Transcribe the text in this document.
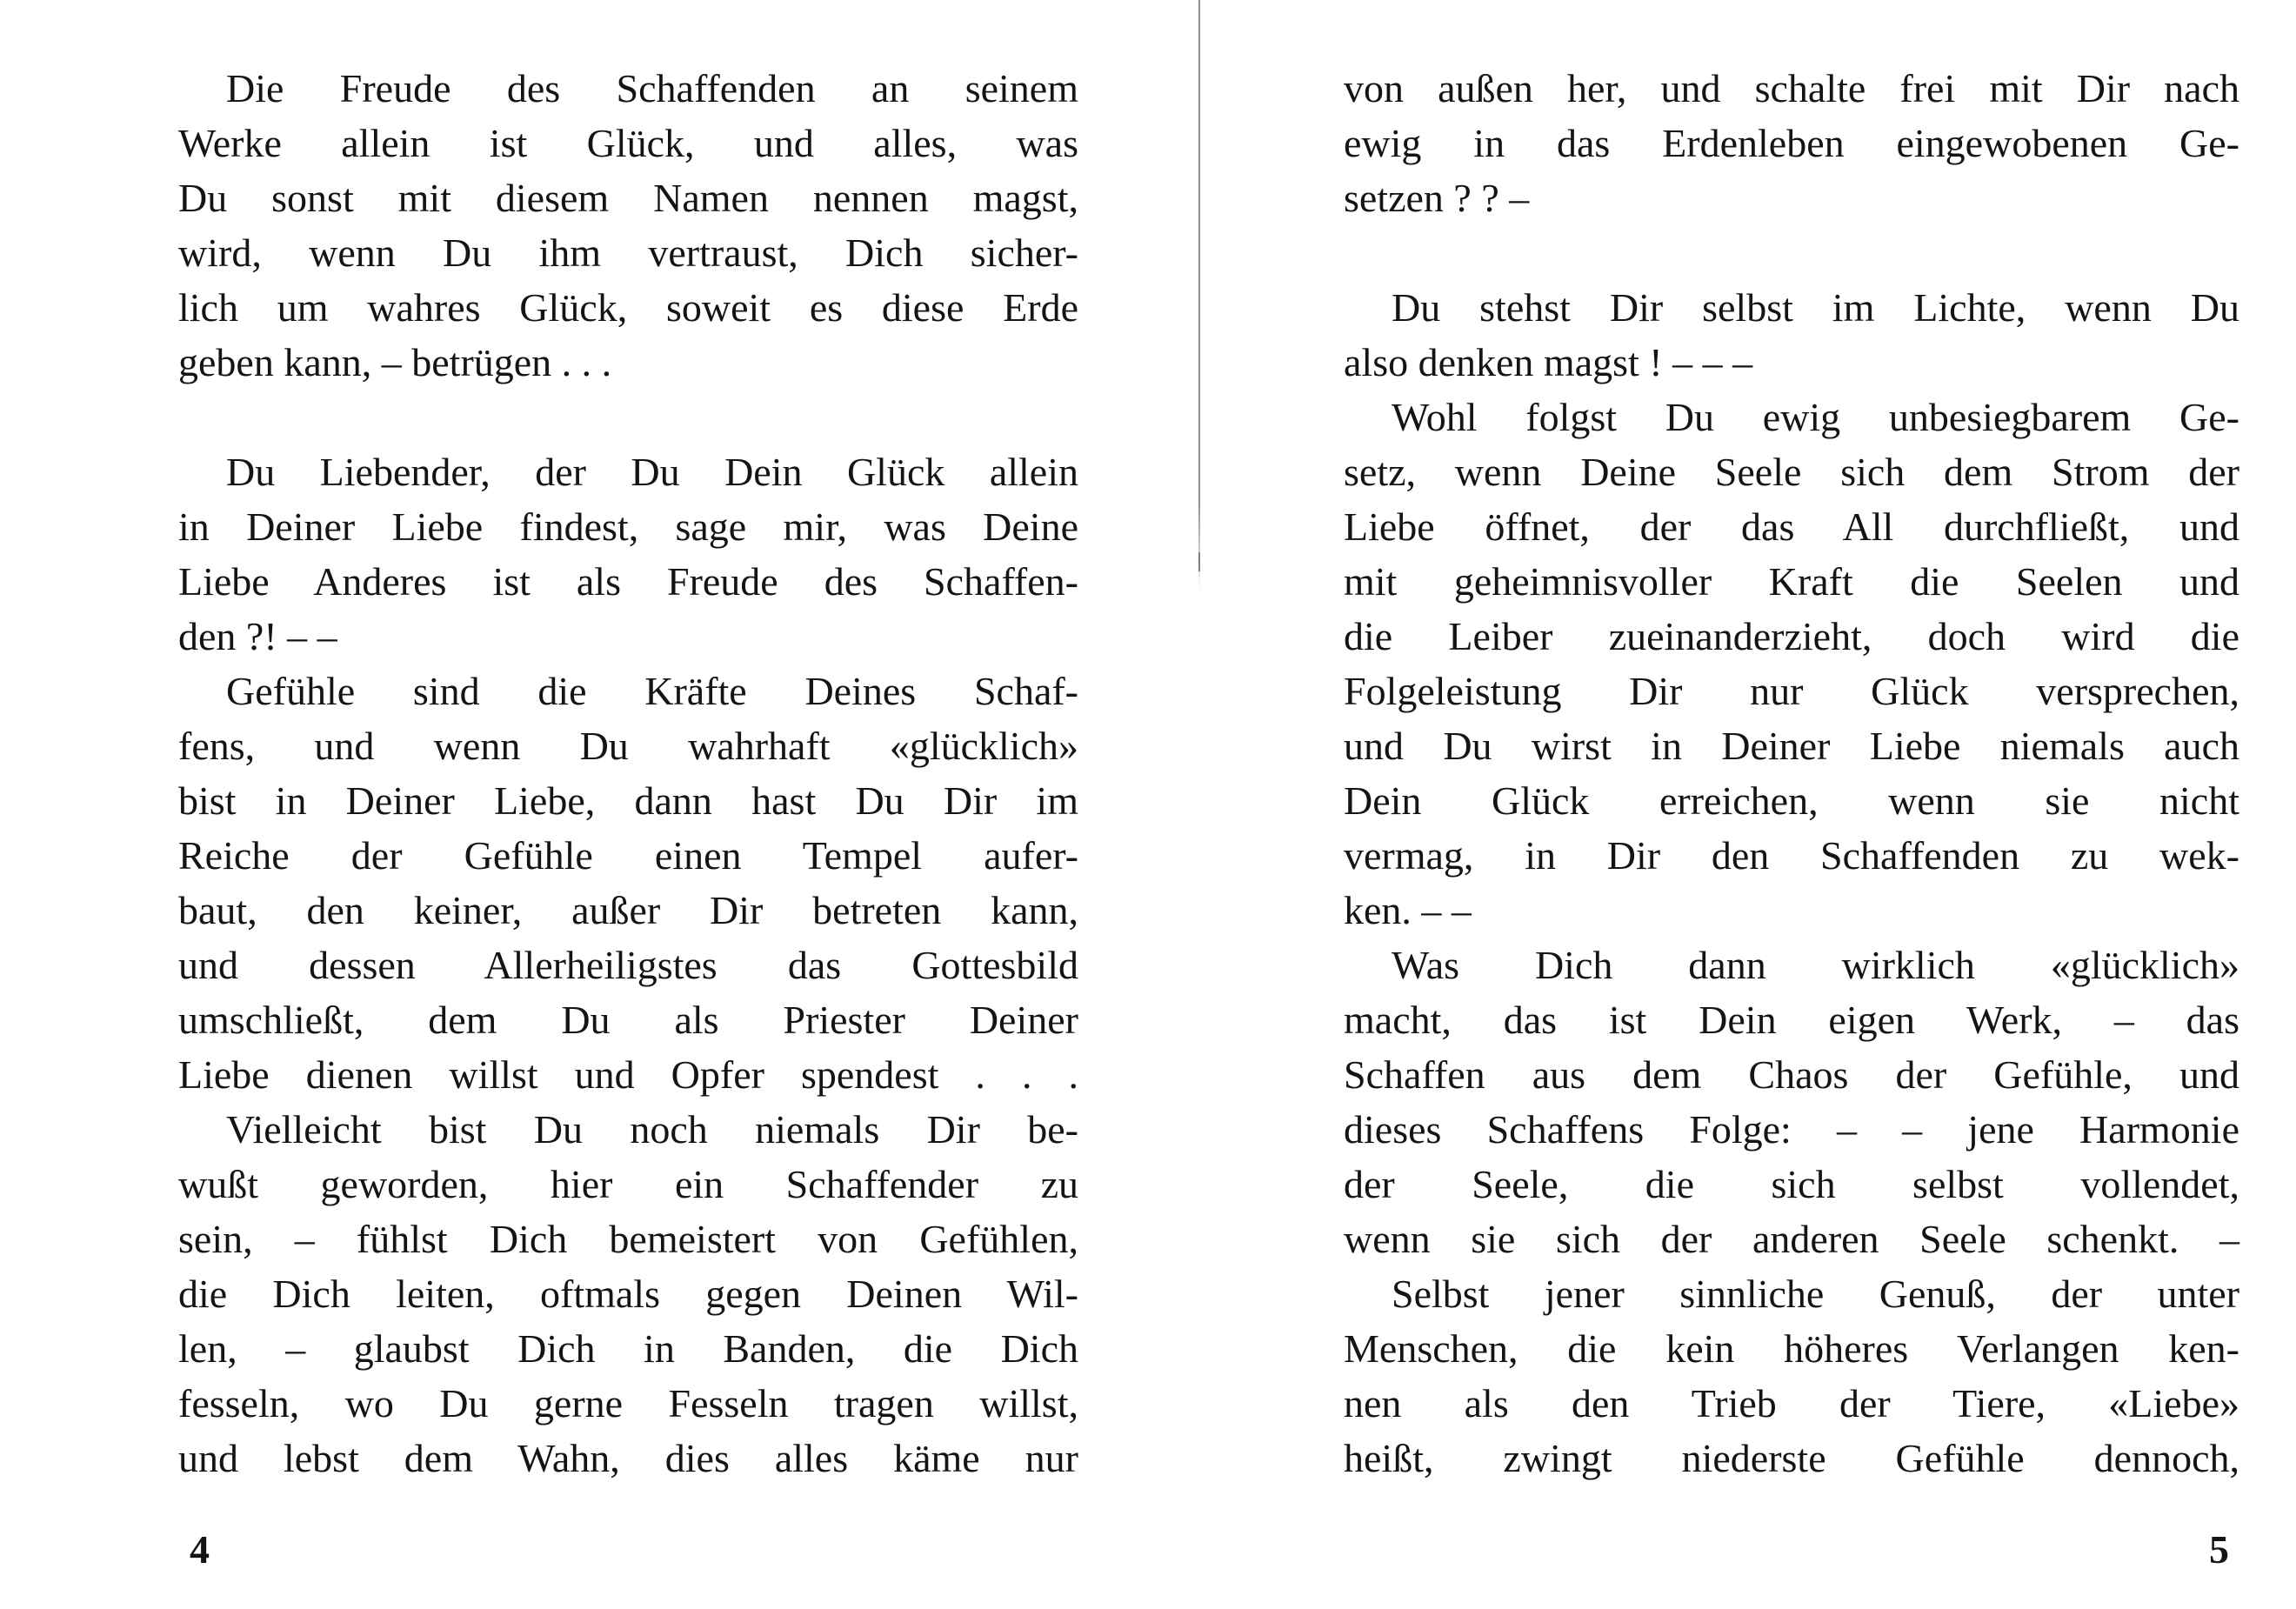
Die Freude des Schaffenden an seinem
Werke allein ist Glück, und alles, was
Du sonst mit diesem Namen nennen magst,
wird, wenn Du ihm vertraust, Dich sicher-
lich um wahres Glück, soweit es diese Erde
geben kann, – betrügen . . .
Du Liebender, der Du Dein Glück allein
in Deiner Liebe findest, sage mir, was Deine
Liebe Anderes ist als Freude des Schaffen-
den ?! – –
Gefühle sind die Kräfte Deines Schaf-
fens, und wenn Du wahrhaft «glücklich»
bist in Deiner Liebe, dann hast Du Dir im
Reiche der Gefühle einen Tempel aufer-
baut, den keiner, außer Dir betreten kann,
und dessen Allerheiligstes das Gottesbild
umschließt, dem Du als Priester Deiner
Liebe dienen willst und Opfer spendest . . .
Vielleicht bist Du noch niemals Dir be-
wußt geworden, hier ein Schaffender zu
sein, – fühlst Dich bemeistert von Gefühlen,
die Dich leiten, oftmals gegen Deinen Wil-
len, – glaubst Dich in Banden, die Dich
fesseln, wo Du gerne Fesseln tragen willst,
und lebst dem Wahn, dies alles käme nur
4
von außen her, und schalte frei mit Dir nach
ewig in das Erdenleben eingewobenen Ge-
setzen ? ? –
Du stehst Dir selbst im Lichte, wenn Du
also denken magst ! – – –
Wohl folgst Du ewig unbesiegbarem Ge-
setz, wenn Deine Seele sich dem Strom der
Liebe öffnet, der das All durchfließt, und
mit geheimnisvoller Kraft die Seelen und
die Leiber zueinanderzieht, doch wird die
Folgeleistung Dir nur Glück versprechen,
und Du wirst in Deiner Liebe niemals auch
Dein Glück erreichen, wenn sie nicht
vermag, in Dir den Schaffenden zu wek-
ken. – –
Was Dich dann wirklich «glücklich»
macht, das ist Dein eigen Werk, – das
Schaffen aus dem Chaos der Gefühle, und
dieses Schaffens Folge: – – jene Harmonie
der Seele, die sich selbst vollendet,
wenn sie sich der anderen Seele schenkt. –
Selbst jener sinnliche Genuß, der unter
Menschen, die kein höheres Verlangen ken-
nen als den Trieb der Tiere, «Liebe»
heißt, zwingt niederste Gefühle dennoch,
5
